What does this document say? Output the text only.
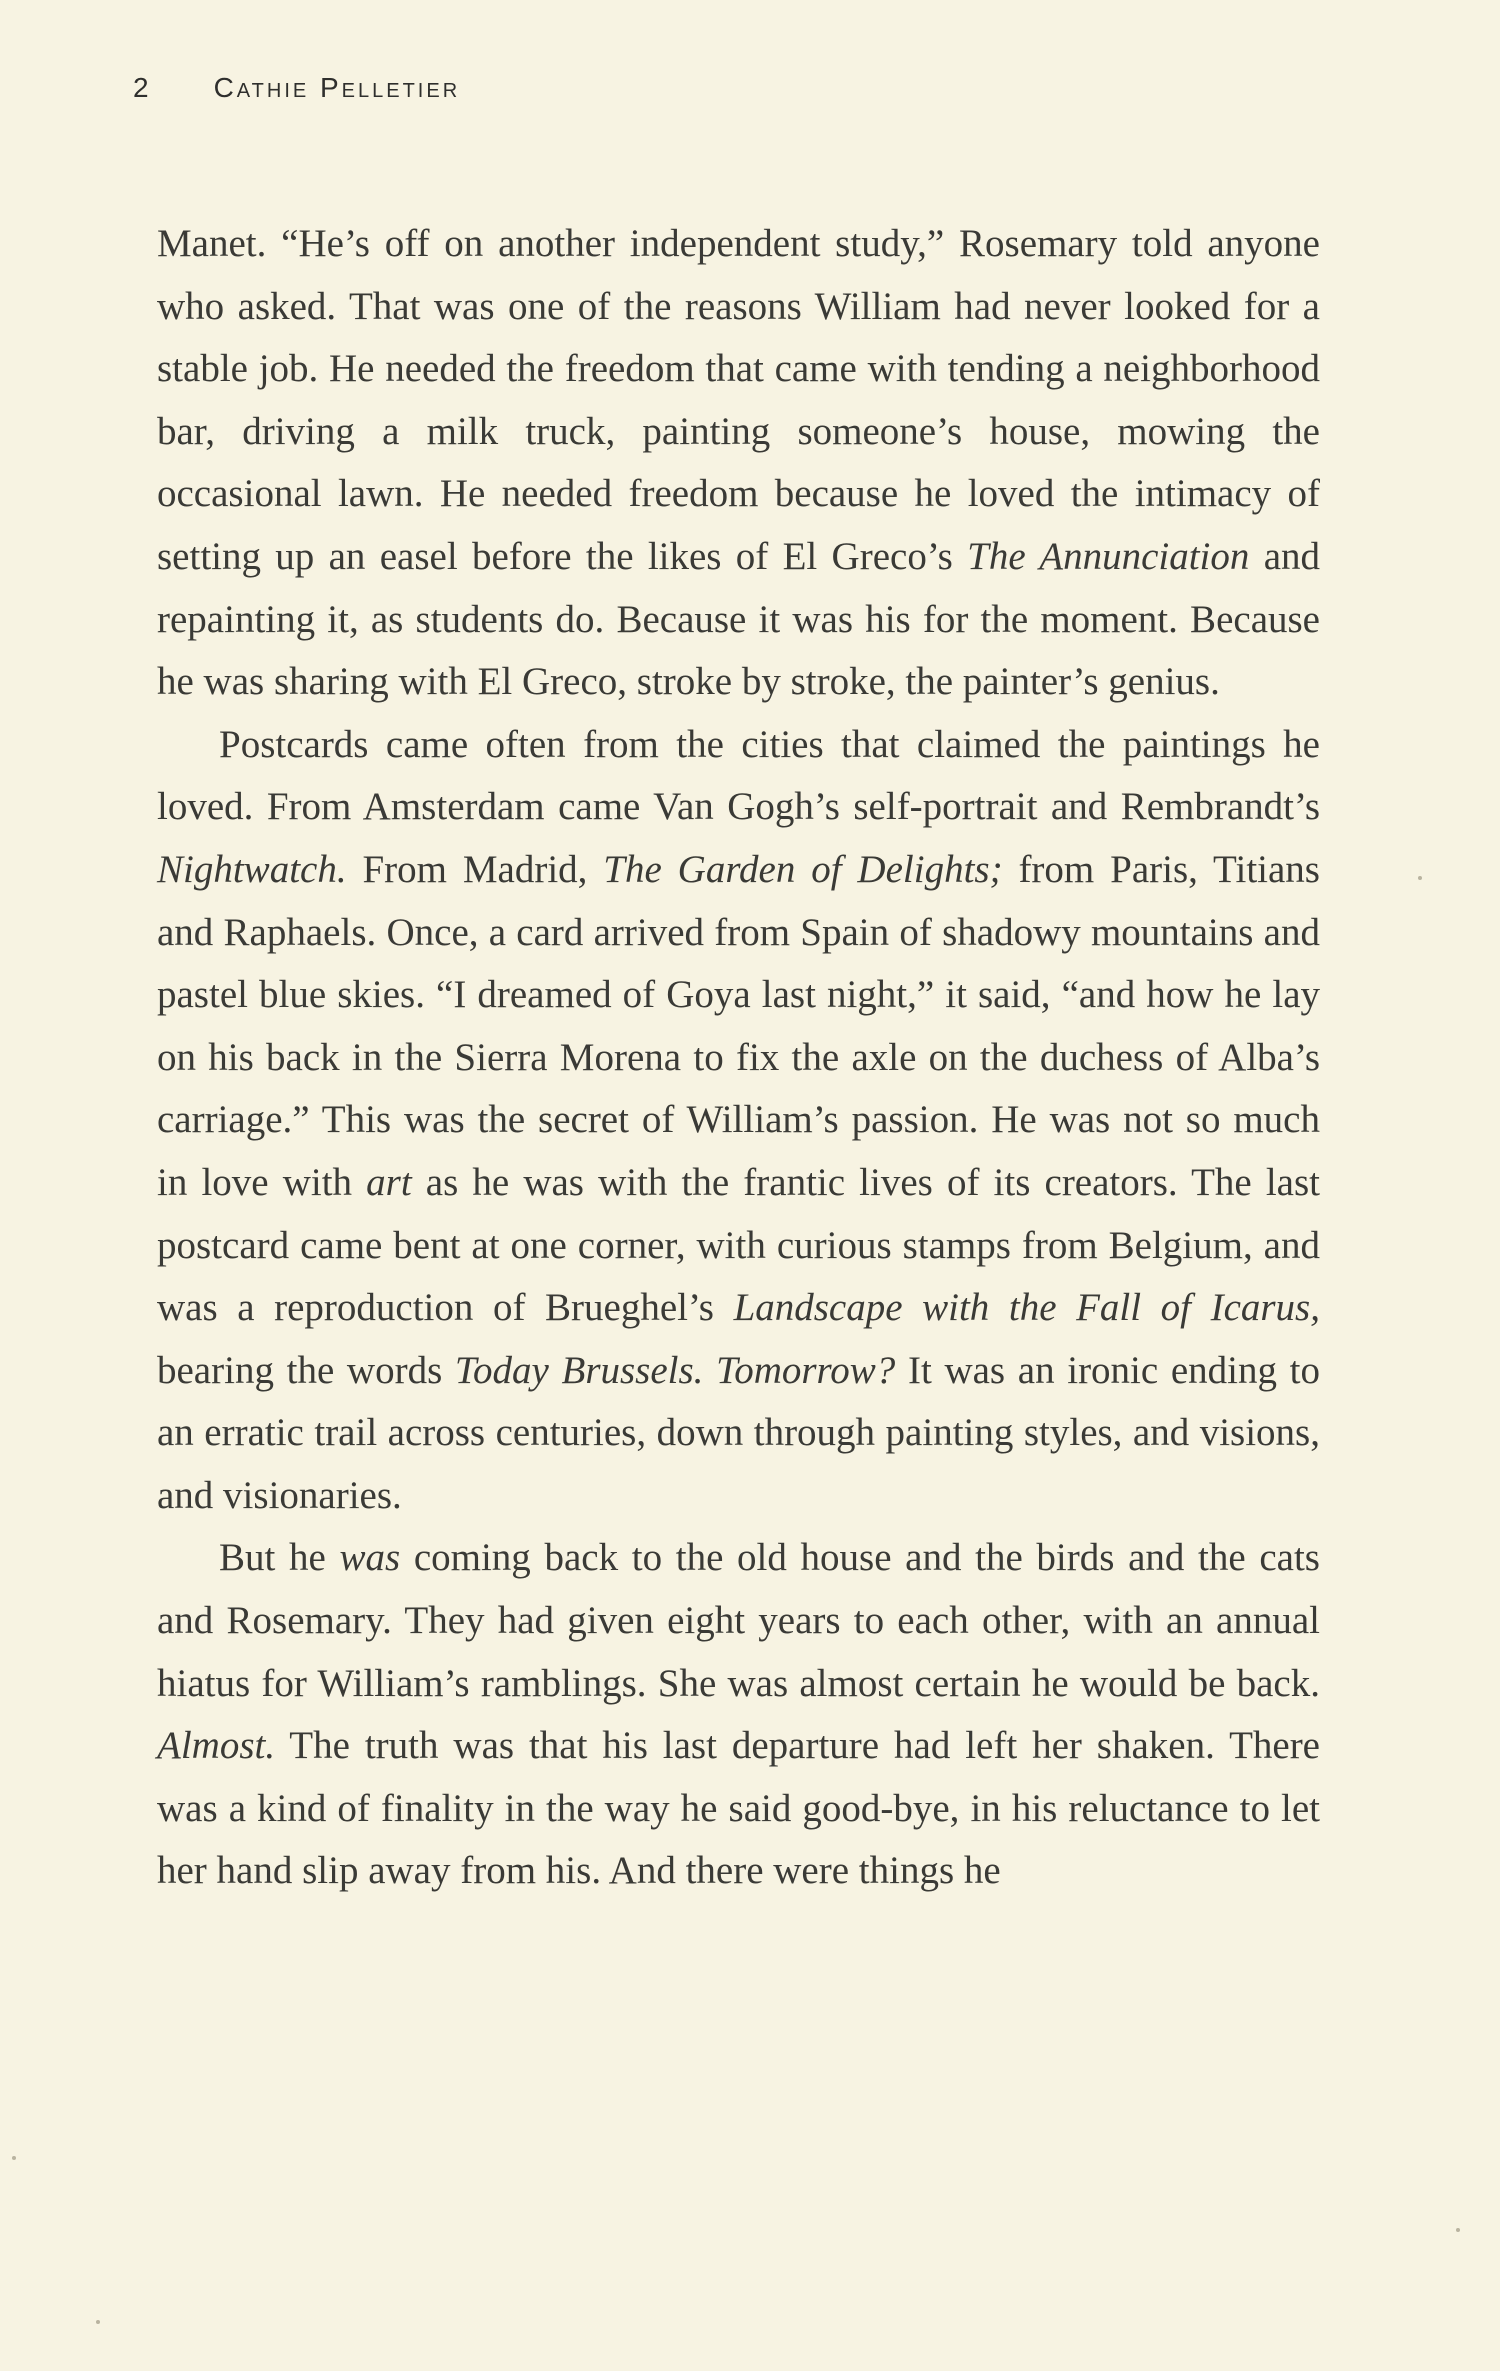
2 Cathie Pelletier

Manet. “He’s off on another independent study,” Rosemary told anyone who asked. That was one of the reasons William had never looked for a stable job. He needed the freedom that came with tending a neighborhood bar, driving a milk truck, painting someone’s house, mowing the occasional lawn. He needed freedom because he loved the intimacy of setting up an easel before the likes of El Greco’s The Annunciation and repainting it, as students do. Because it was his for the moment. Because he was sharing with El Greco, stroke by stroke, the painter’s genius.

Postcards came often from the cities that claimed the paintings he loved. From Amsterdam came Van Gogh’s self-portrait and Rembrandt’s Nightwatch. From Madrid, The Garden of Delights; from Paris, Titians and Raphaels. Once, a card arrived from Spain of shadowy mountains and pastel blue skies. “I dreamed of Goya last night,” it said, “and how he lay on his back in the Sierra Morena to fix the axle on the duchess of Alba’s carriage.” This was the secret of William’s passion. He was not so much in love with art as he was with the frantic lives of its creators. The last postcard came bent at one corner, with curious stamps from Belgium, and was a reproduction of Brueghel’s Landscape with the Fall of Icarus, bearing the words Today Brussels. Tomorrow? It was an ironic ending to an erratic trail across centuries, down through painting styles, and visions, and visionaries.

But he was coming back to the old house and the birds and the cats and Rosemary. They had given eight years to each other, with an annual hiatus for William’s ramblings. She was almost certain he would be back. Almost. The truth was that his last departure had left her shaken. There was a kind of finality in the way he said good-bye, in his reluctance to let her hand slip away from his. And there were things he
